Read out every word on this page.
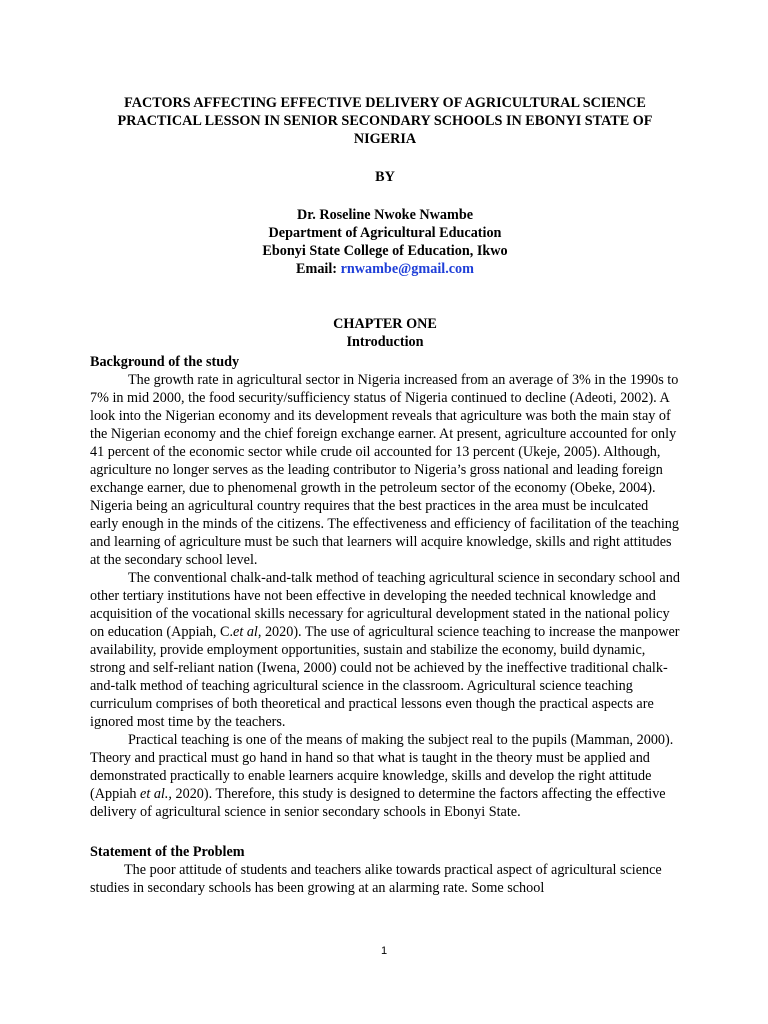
FACTORS AFFECTING EFFECTIVE DELIVERY OF AGRICULTURAL SCIENCE PRACTICAL LESSON IN SENIOR SECONDARY SCHOOLS IN EBONYI STATE OF NIGERIA

BY

Dr. Roseline Nwoke Nwambe
Department of Agricultural Education
Ebonyi State College of Education, Ikwo
Email: rnwambe@gmail.com
CHAPTER ONE
Introduction
Background of the study

The growth rate in agricultural sector in Nigeria increased from an average of 3% in the 1990s to 7% in mid 2000, the food security/sufficiency status of Nigeria continued to decline (Adeoti, 2002). A look into the Nigerian economy and its development reveals that agriculture was both the main stay of the Nigerian economy and the chief foreign exchange earner. At present, agriculture accounted for only 41 percent of the economic sector while crude oil accounted for 13 percent (Ukeje, 2005). Although, agriculture no longer serves as the leading contributor to Nigeria’s gross national and leading foreign exchange earner, due to phenomenal growth in the petroleum sector of the economy (Obeke, 2004). Nigeria being an agricultural country requires that the best practices in the area must be inculcated early enough in the minds of the citizens. The effectiveness and efficiency of facilitation of the teaching and learning of agriculture must be such that learners will acquire knowledge, skills and right attitudes at the secondary school level.

The conventional chalk-and-talk method of teaching agricultural science in secondary school and other tertiary institutions have not been effective in developing the needed technical knowledge and acquisition of the vocational skills necessary for agricultural development stated in the national policy on education (Appiah, C.et al, 2020). The use of agricultural science teaching to increase the manpower availability, provide employment opportunities, sustain and stabilize the economy, build dynamic, strong and self-reliant nation (Iwena, 2000) could not be achieved by the ineffective traditional chalk-and-talk method of teaching agricultural science in the classroom. Agricultural science teaching curriculum comprises of both theoretical and practical lessons even though the practical aspects are ignored most time by the teachers.

Practical teaching is one of the means of making the subject real to the pupils (Mamman, 2000). Theory and practical must go hand in hand so that what is taught in the theory must be applied and demonstrated practically to enable learners acquire knowledge, skills and develop the right attitude (Appiah et al., 2020). Therefore, this study is designed to determine the factors affecting the effective delivery of agricultural science in senior secondary schools in Ebonyi State.

Statement of the Problem

The poor attitude of students and teachers alike towards practical aspect of agricultural science studies in secondary schools has been growing at an alarming rate. Some school

1
